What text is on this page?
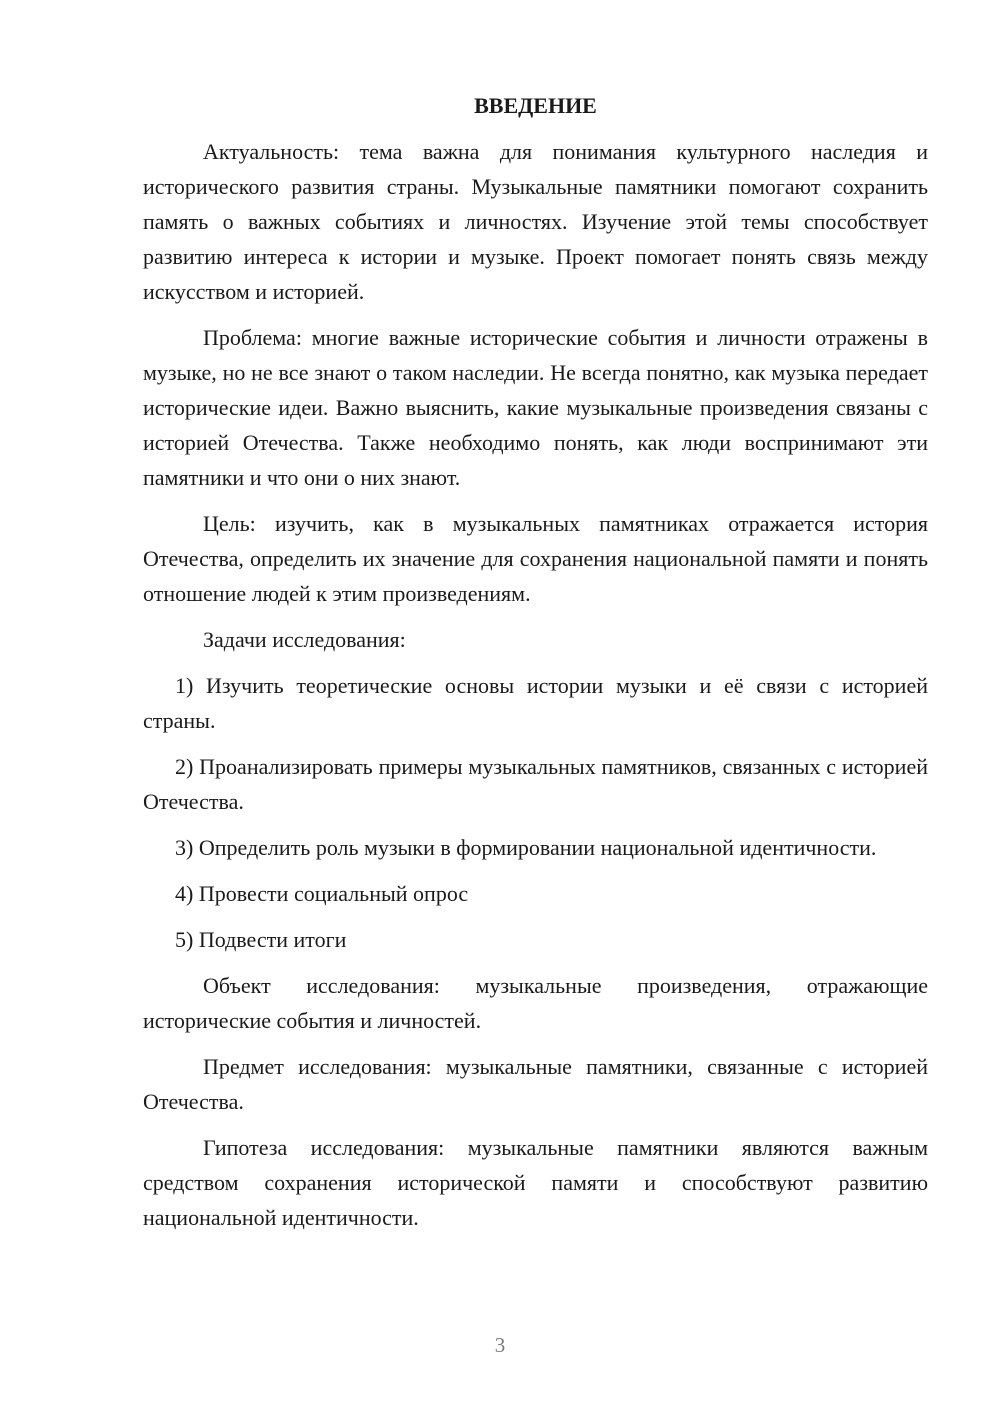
ВВЕДЕНИЕ

Актуальность: тема важна для понимания культурного наследия и исторического развития страны. Музыкальные памятники помогают сохранить память о важных событиях и личностях. Изучение этой темы способствует развитию интереса к истории и музыке. Проект помогает понять связь между искусством и историей.

Проблема: многие важные исторические события и личности отражены в музыке, но не все знают о таком наследии. Не всегда понятно, как музыка передает исторические идеи. Важно выяснить, какие музыкальные произведения связаны с историей Отечества. Также необходимо понять, как люди воспринимают эти памятники и что они о них знают.

Цель: изучить, как в музыкальных памятниках отражается история Отечества, определить их значение для сохранения национальной памяти и понять отношение людей к этим произведениям.

Задачи исследования:

1) Изучить теоретические основы истории музыки и её связи с историей страны.

2) Проанализировать примеры музыкальных памятников, связанных с историей Отечества.

3) Определить роль музыки в формировании национальной идентичности.

4) Провести социальный опрос

5) Подвести итоги

Объект исследования: музыкальные произведения, отражающие исторические события и личностей.

Предмет исследования: музыкальные памятники, связанные с историей Отечества.

Гипотеза исследования: музыкальные памятники являются важным средством сохранения исторической памяти и способствуют развитию национальной идентичности.

3
